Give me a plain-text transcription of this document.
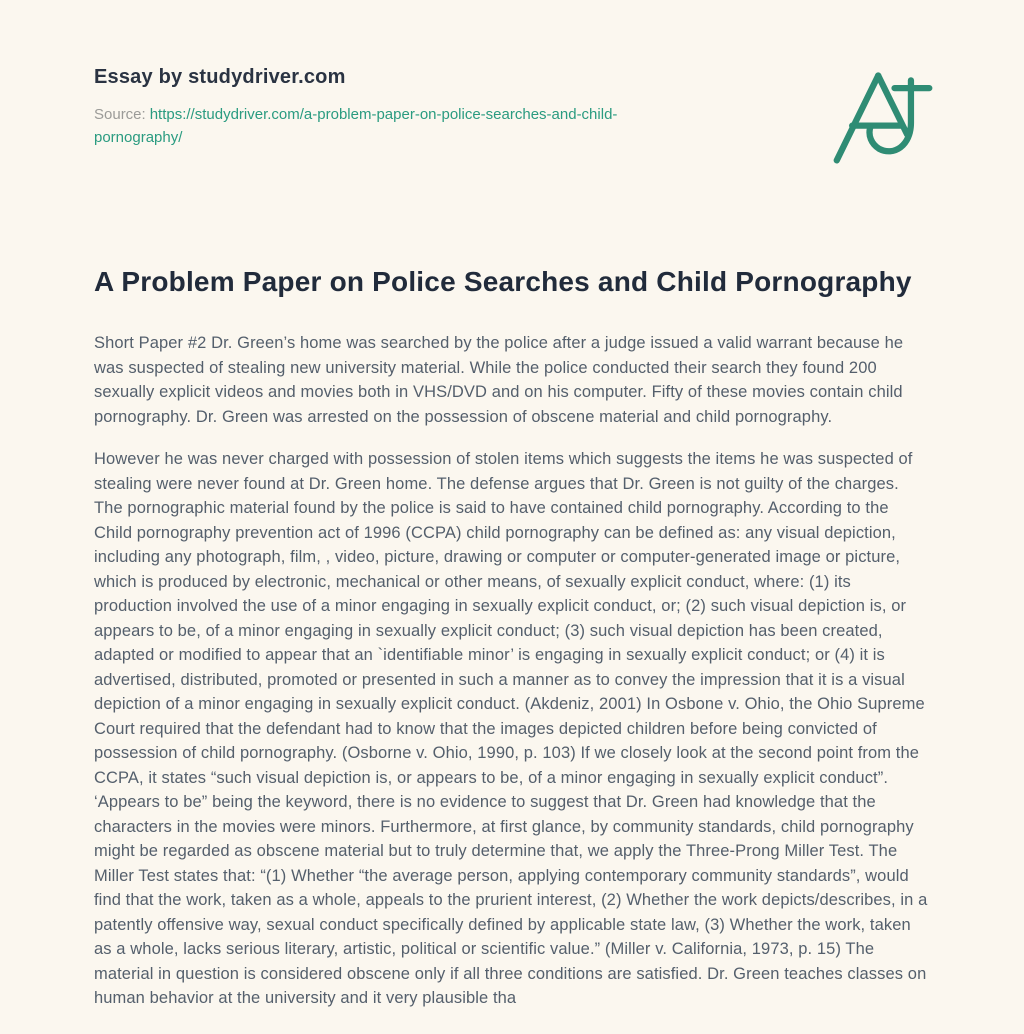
Essay by studydriver.com

Source: https://studydriver.com/a-problem-paper-on-police-searches-and-child-pornography/

A Problem Paper on Police Searches and Child Pornography

Short Paper #2 Dr. Green’s home was searched by the police after a judge issued a valid warrant because he was suspected of stealing new university material. While the police conducted their search they found 200 sexually explicit videos and movies both in VHS/DVD and on his computer. Fifty of these movies contain child pornography. Dr. Green was arrested on the possession of obscene material and child pornography.

However he was never charged with possession of stolen items which suggests the items he was suspected of stealing were never found at Dr. Green home. The defense argues that Dr. Green is not guilty of the charges. The pornographic material found by the police is said to have contained child pornography. According to the Child pornography prevention act of 1996 (CCPA) child pornography can be defined as: any visual depiction, including any photograph, film, , video, picture, drawing or computer or computer-generated image or picture, which is produced by electronic, mechanical or other means, of sexually explicit conduct, where: (1) its production involved the use of a minor engaging in sexually explicit conduct, or; (2) such visual depiction is, or appears to be, of a minor engaging in sexually explicit conduct; (3) such visual depiction has been created, adapted or modified to appear that an `identifiable minor’ is engaging in sexually explicit conduct; or (4) it is advertised, distributed, promoted or presented in such a manner as to convey the impression that it is a visual depiction of a minor engaging in sexually explicit conduct. (Akdeniz, 2001) In Osbone v. Ohio, the Ohio Supreme Court required that the defendant had to know that the images depicted children before being convicted of possession of child pornography. (Osborne v. Ohio, 1990, p. 103) If we closely look at the second point from the CCPA, it states “such visual depiction is, or appears to be, of a minor engaging in sexually explicit conduct”. ‘Appears to be” being the keyword, there is no evidence to suggest that Dr. Green had knowledge that the characters in the movies were minors. Furthermore, at first glance, by community standards, child pornography might be regarded as obscene material but to truly determine that, we apply the Three-Prong Miller Test. The Miller Test states that: “(1) Whether “the average person, applying contemporary community standards”, would find that the work, taken as a whole, appeals to the prurient interest, (2) Whether the work depicts/describes, in a patently offensive way, sexual conduct specifically defined by applicable state law, (3) Whether the work, taken as a whole, lacks serious literary, artistic, political or scientific value.” (Miller v. California, 1973, p. 15) The material in question is considered obscene only if all three conditions are satisfied. Dr. Green teaches classes on human behavior at the university and it very plausible tha
